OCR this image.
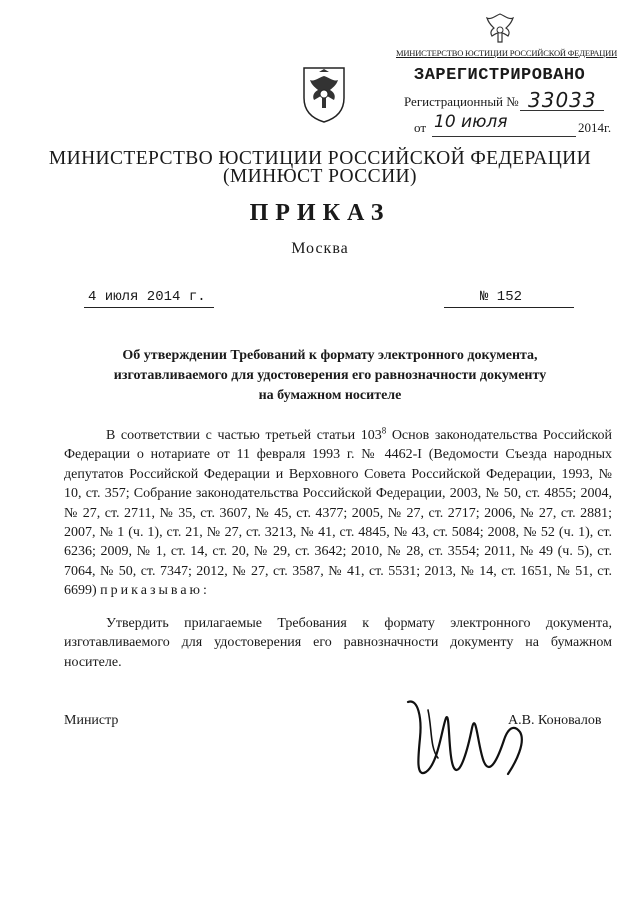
МИНИСТЕРСТВО ЮСТИЦИИ РОССИЙСКОЙ ФЕДЕРАЦИИ
ЗАРЕГИСТРИРОВАНО
Регистрационный № 33033
от 10 июля	2014г.
МИНИСТЕРСТВО ЮСТИЦИИ РОССИЙСКОЙ ФЕДЕРАЦИИ
(МИНЮСТ РОССИИ)
ПРИКАЗ
Москва
4 июля 2014 г.	№ 152
Об утверждении Требований к формату электронного документа,
изготавливаемого для удостоверения его равнозначности документу
на бумажном носителе
В соответствии с частью третьей статьи $103^8$ Основ законодательства Российской Федерации о нотариате от 11 февраля 1993 г. № 4462-I (Ведомости Съезда народных депутатов Российской Федерации и Верховного Совета Российской Федерации, 1993, № 10, ст. 357; Собрание законодательства Российской Федерации, 2003, № 50, ст. 4855; 2004, № 27, ст. 2711, № 35, ст. 3607, № 45, ст. 4377; 2005, № 27, ст. 2717; 2006, № 27, ст. 2881; 2007, № 1 (ч. 1), ст. 21, № 27, ст. 3213, № 41, ст. 4845, № 43, ст. 5084; 2008, № 52 (ч. 1), ст. 6236; 2009, № 1, ст. 14, ст. 20, № 29, ст. 3642; 2010, № 28, ст. 3554; 2011, № 49 (ч. 5), ст. 7064, № 50, ст. 7347; 2012, № 27, ст. 3587, № 41, ст. 5531; 2013, № 14, ст. 1651, № 51, ст. 6699) приказываю:
Утвердить прилагаемые Требования к формату электронного документа, изготавливаемого для удостоверения его равнозначности документу на бумажном носителе.
Министр	А.В. Коновалов
